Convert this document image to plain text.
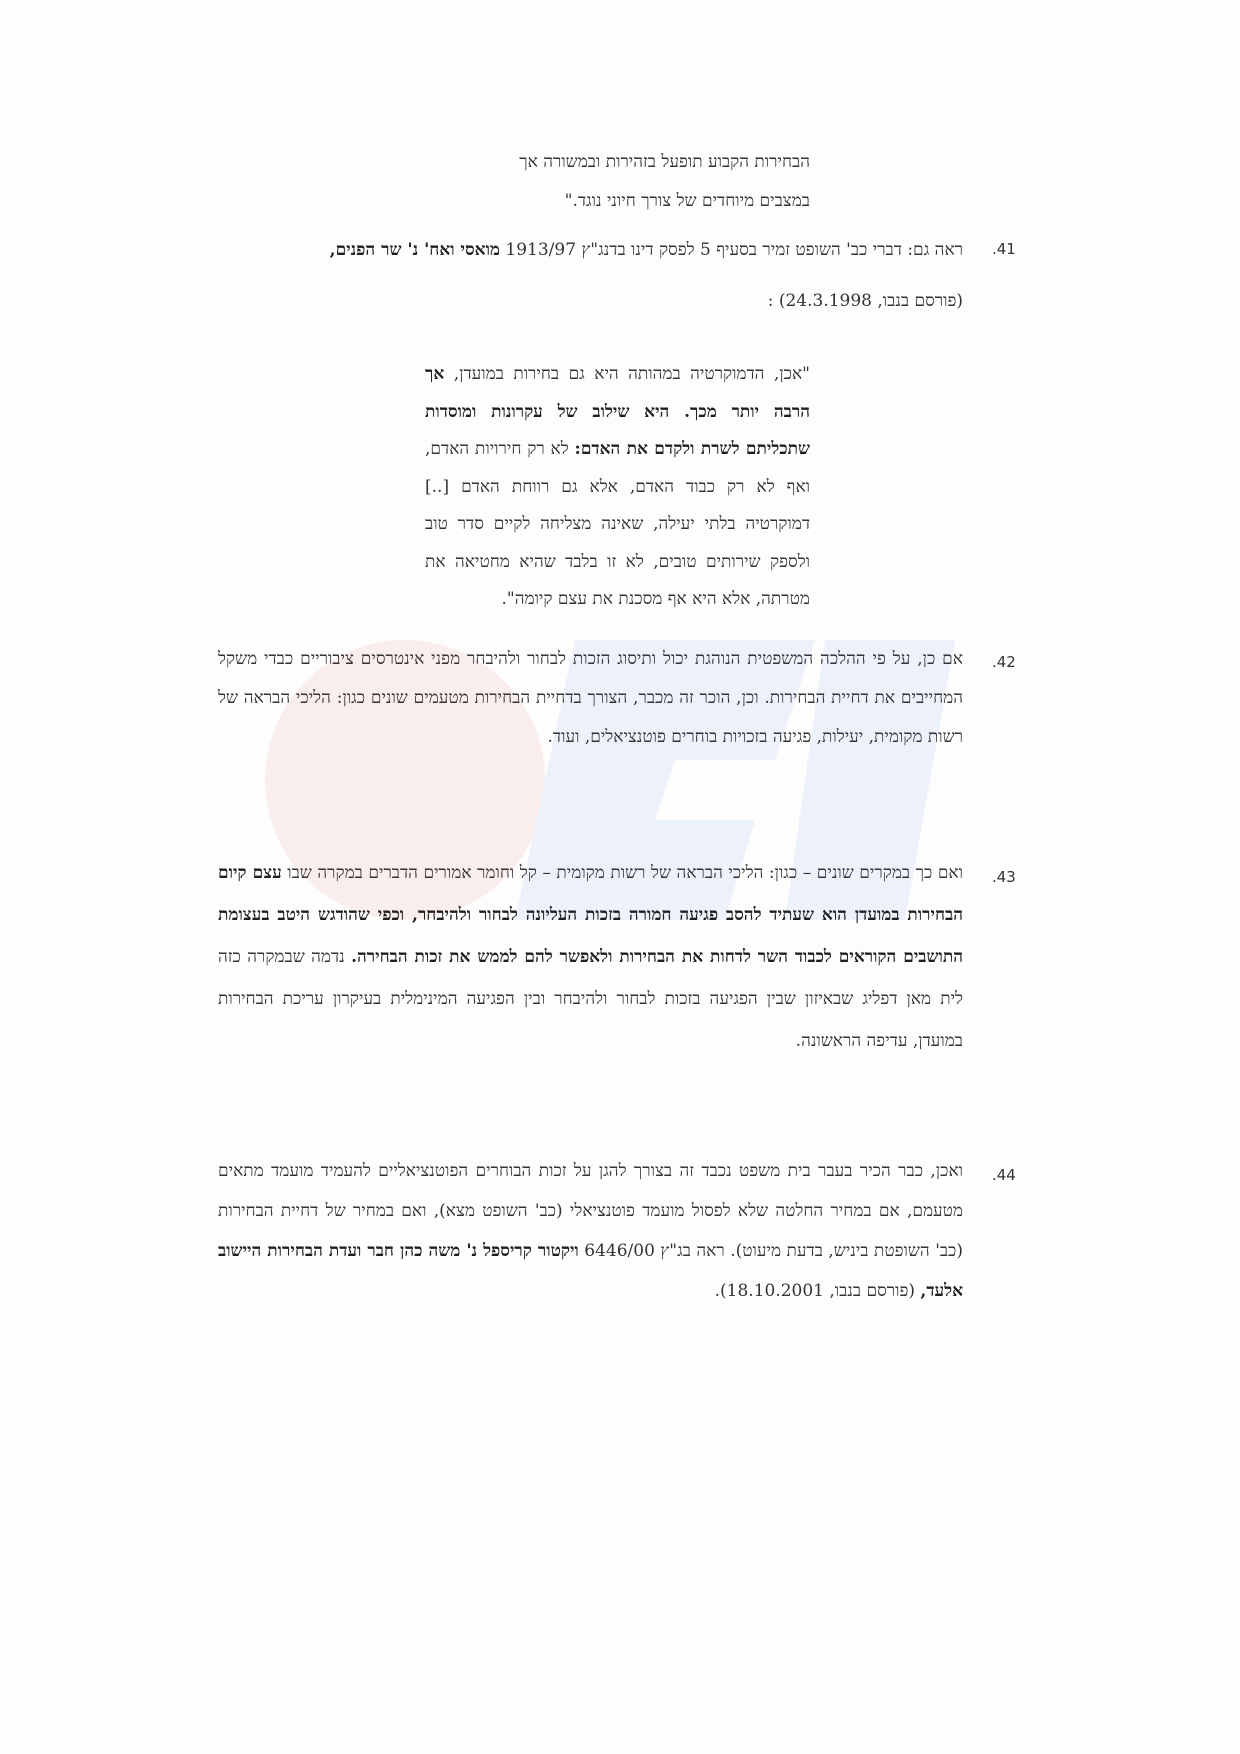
הבחירות הקבוע תופעל בזהירות ובמשורה אך
במצבים מיוחדים של צורך חיוני נוגד."
.41
ראה גם: דברי כב' השופט זמיר בסעיף 5 לפסק דינו בדנג"ץ 1913/97 מואסי ואח' נ' שר הפנים,
(פורסם בנבו, 24.3.1998) :
"אכן, הדמוקרטיה במהותה היא גם בחירות במועדן, אך הרבה יותר מכך. היא שילוב של עקרונות ומוסדות שתכליתם לשרת ולקדם את האדם: לא רק חירויות האדם, ואף לא רק כבוד האדם, אלא גם רווחת האדם [..] דמוקרטיה בלתי יעילה, שאינה מצליחה לקיים סדר טוב ולספק שירותים טובים, לא זו בלבד שהיא מחטיאה את מטרתה, אלא היא אף מסכנת את עצם קיומה".
.42
אם כן, על פי ההלכה המשפטית הנוהגת יכול ותיסוג הזכות לבחור ולהיבחר מפני אינטרסים ציבוריים כבדי משקל המחייבים את דחיית הבחירות. וכן, הוכר זה מכבר, הצורך בדחיית הבחירות מטעמים שונים כגון: הליכי הבראה של רשות מקומית, יעילות, פגיעה בזכויות בוחרים פוטנציאלים, ועוד.
.43
ואם כך במקרים שונים – כגון: הליכי הבראה של רשות מקומית – קל וחומר אמורים הדברים במקרה שבו עצם קיום הבחירות במועדן הוא שעתיד להסב פגיעה חמורה בזכות העליונה לבחור ולהיבחר, וכפי שהודגש היטב בעצומת התושבים הקוראים לכבוד השר לדחות את הבחירות ולאפשר להם לממש את זכות הבחירה. נדמה שבמקרה כזה לית מאן דפליג שבאיזון שבין הפגיעה בזכות לבחור ולהיבחר ובין הפגיעה המינימלית בעיקרון עריכת הבחירות במועדן, עדיפה הראשונה.
.44
ואכן, כבר הכיר בעבר בית משפט נכבד זה בצורך להגן על זכות הבוחרים הפוטנציאליים להעמיד מועמד מתאים מטעמם, אם במחיר החלטה שלא לפסול מועמד פוטנציאלי (כב' השופט מצא), ואם במחיר של דחיית הבחירות (כב' השופטת ביניש, בדעת מיעוט). ראה בג"ץ 6446/00 ויקטור קריספל נ' משה כהן חבר ועדת הבחירות היישוב אלעד, (פורסם בנבו, 18.10.2001).
